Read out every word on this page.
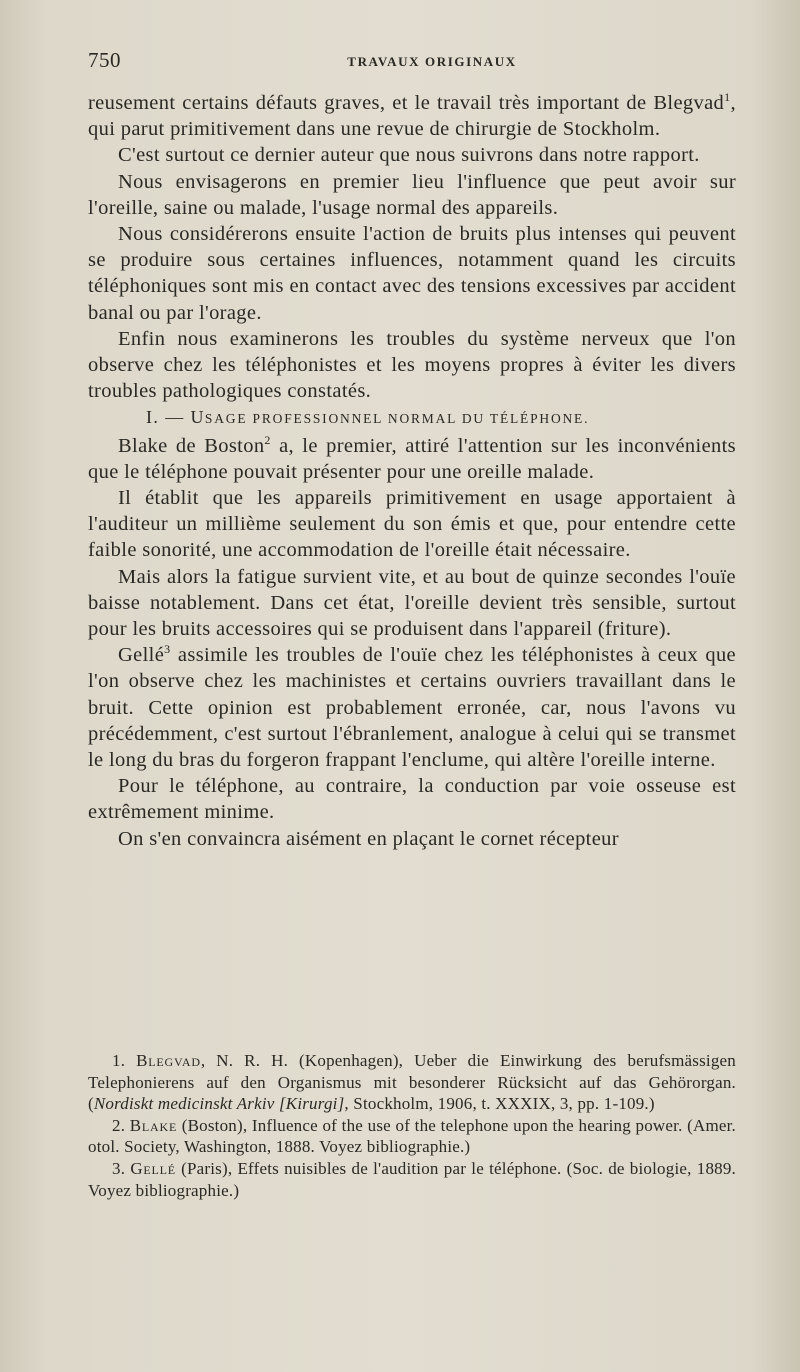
750	TRAVAUX ORIGINAUX

reusement certains défauts graves, et le travail très important de Blegvad$^1$, qui parut primitivement dans une revue de chirurgie de Stockholm.

C'est surtout ce dernier auteur que nous suivrons dans notre rapport.

Nous envisagerons en premier lieu l'influence que peut avoir sur l'oreille, saine ou malade, l'usage normal des appareils.

Nous considérerons ensuite l'action de bruits plus intenses qui peuvent se produire sous certaines influences, notamment quand les circuits téléphoniques sont mis en contact avec des tensions excessives par accident banal ou par l'orage.

Enfin nous examinerons les troubles du système nerveux que l'on observe chez les téléphonistes et les moyens propres à éviter les divers troubles pathologiques constatés.

I. — USAGE PROFESSIONNEL NORMAL DU TÉLÉPHONE.

Blake de Boston$^2$ a, le premier, attiré l'attention sur les inconvénients que le téléphone pouvait présenter pour une oreille malade.

Il établit que les appareils primitivement en usage apportaient à l'auditeur un millième seulement du son émis et que, pour entendre cette faible sonorité, une accommodation de l'oreille était nécessaire.

Mais alors la fatigue survient vite, et au bout de quinze secondes l'ouïe baisse notablement. Dans cet état, l'oreille devient très sensible, surtout pour les bruits accessoires qui se produisent dans l'appareil (friture).

Gellé$^3$ assimile les troubles de l'ouïe chez les téléphonistes à ceux que l'on observe chez les machinistes et certains ouvriers travaillant dans le bruit. Cette opinion est probablement erronée, car, nous l'avons vu précédemment, c'est surtout l'ébranlement, analogue à celui qui se transmet le long du bras du forgeron frappant l'enclume, qui altère l'oreille interne.

Pour le téléphone, au contraire, la conduction par voie osseuse est extrêmement minime.

On s'en convaincra aisément en plaçant le cornet récepteur

1. Blegvad, N. R. H. (Kopenhagen), Ueber die Einwirkung des berufsmässigen Telephonierens auf den Organismus mit besonderer Rücksicht auf das Gehörorgan. (Nordiskt medicinskt Arkiv [Kirurgi], Stockholm, 1906, t. XXXIX, 3, pp. 1-109.)

2. Blake (Boston), Influence of the use of the telephone upon the hearing power. (Amer. otol. Society, Washington, 1888. Voyez bibliographie.)

3. Gellé (Paris), Effets nuisibles de l'audition par le téléphone. (Soc. de biologie, 1889. Voyez bibliographie.)
